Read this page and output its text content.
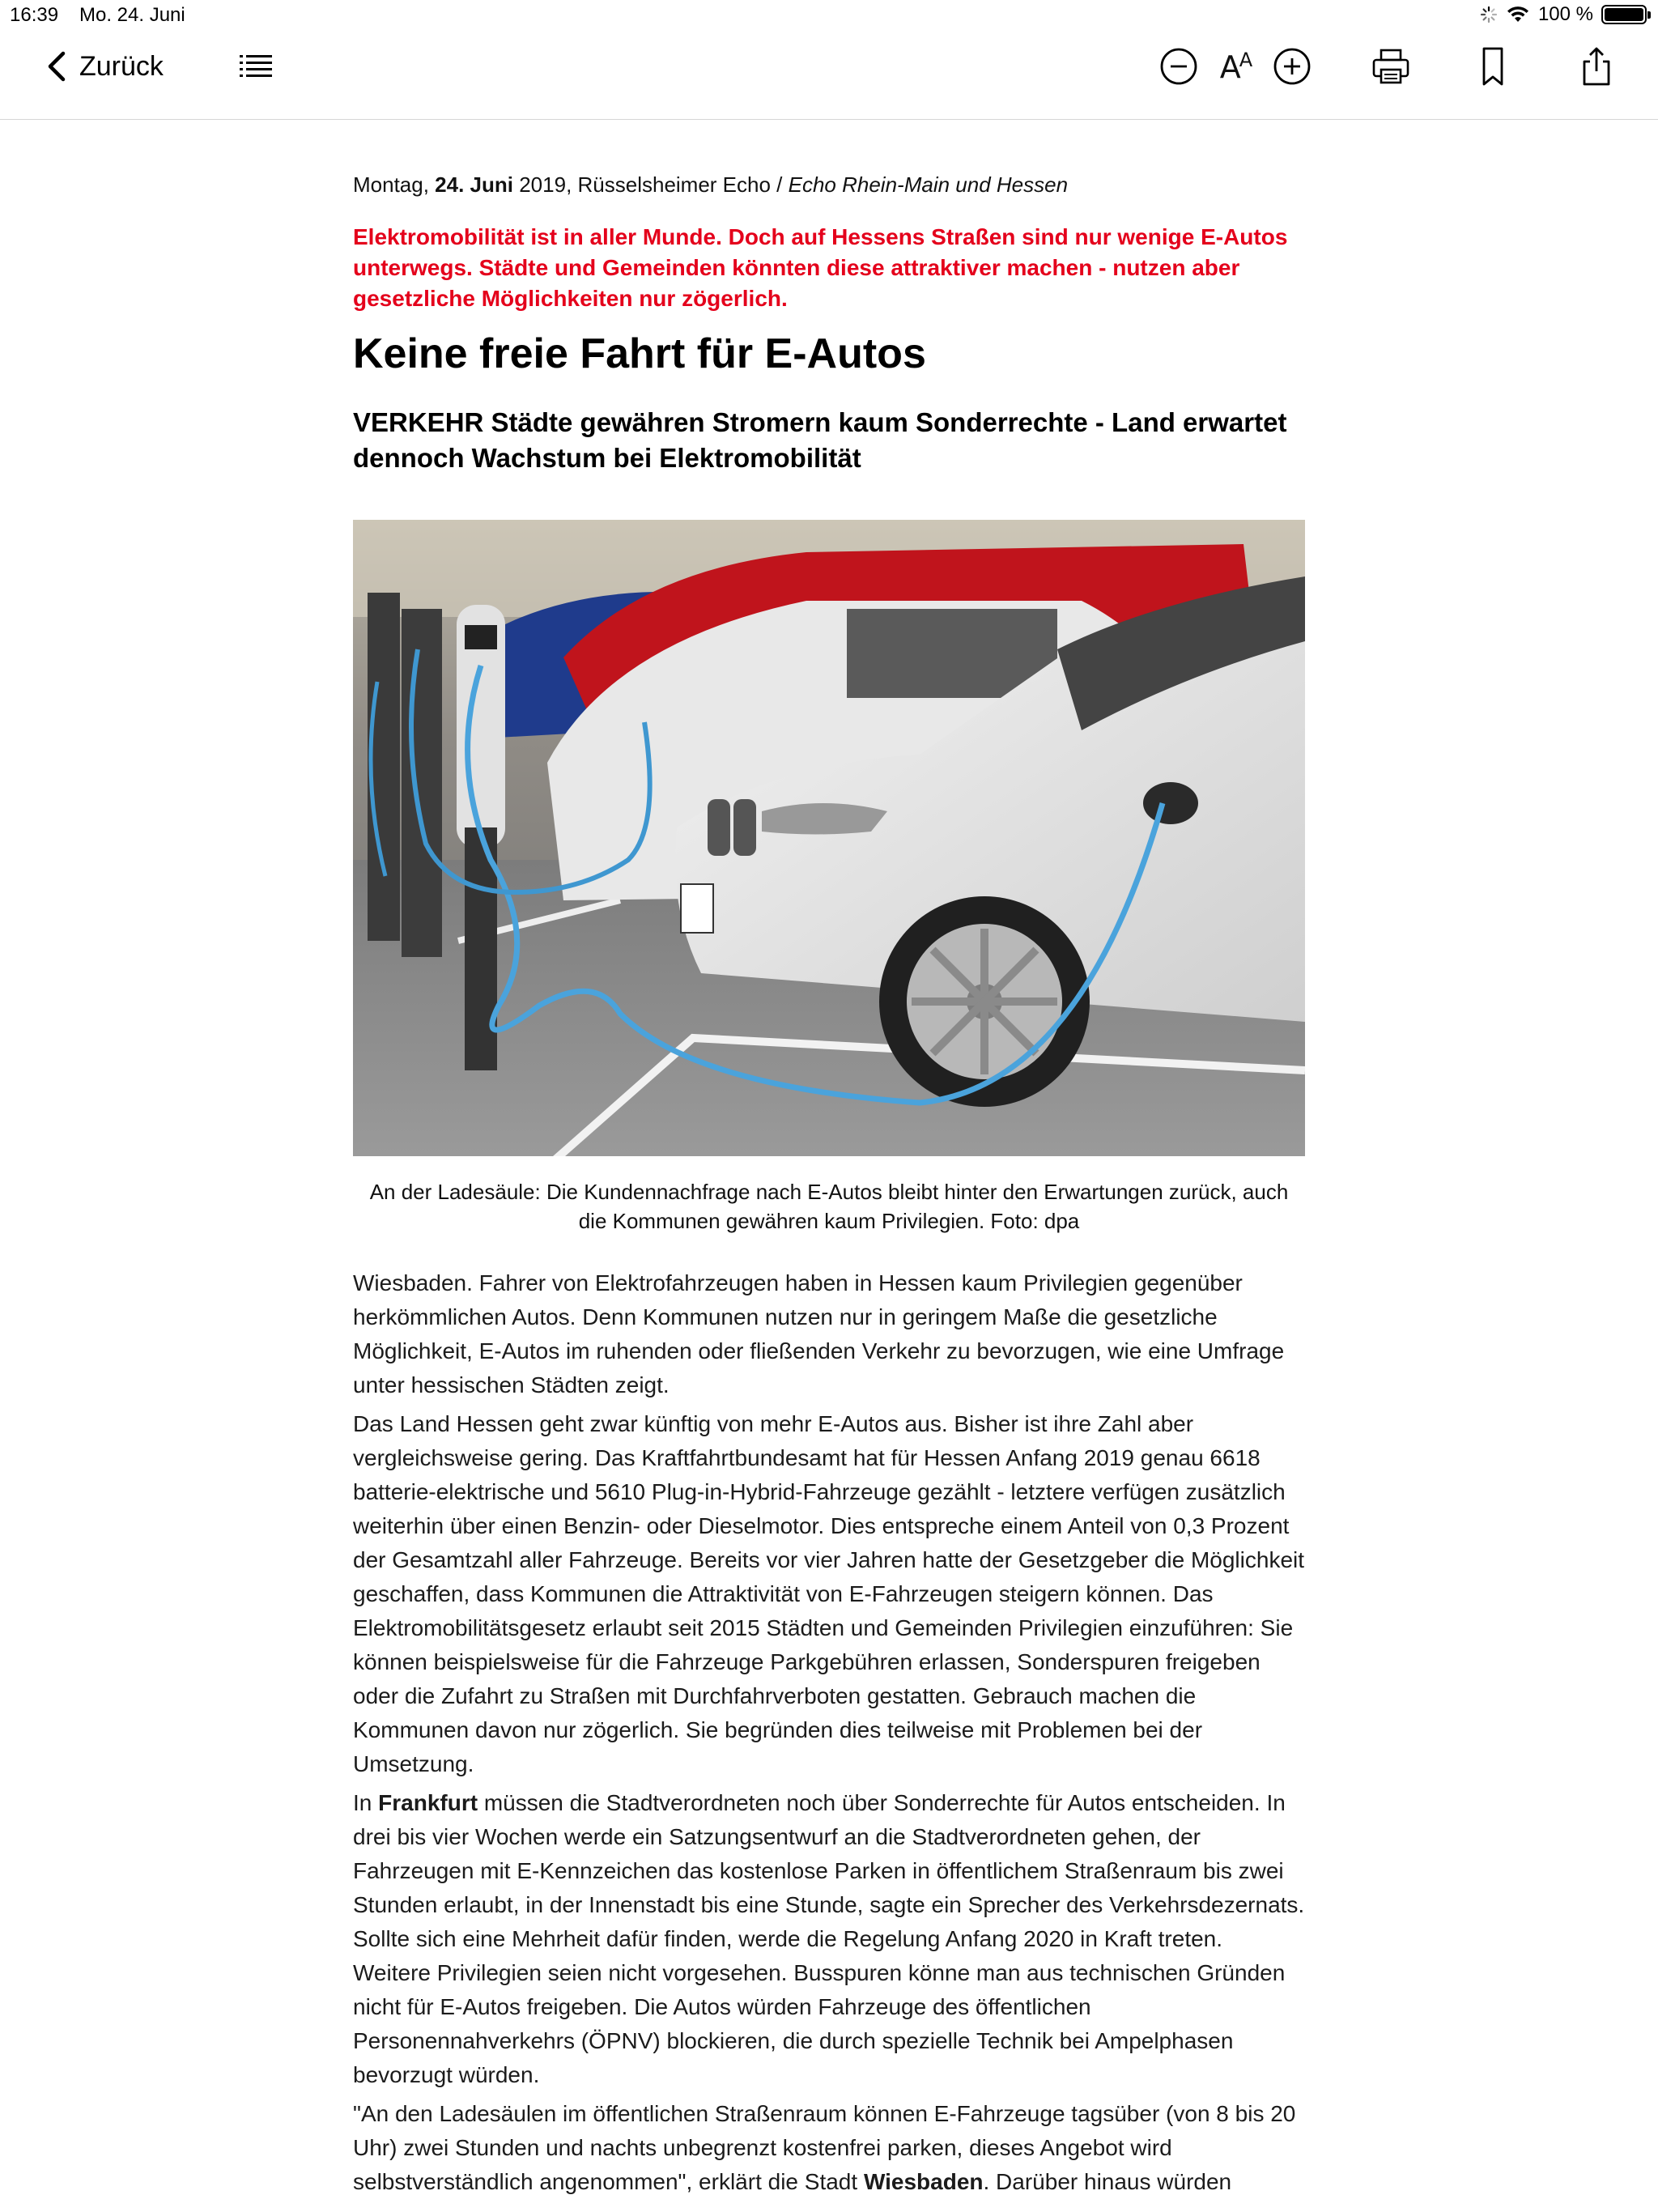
16:39 Mo. 24. Juni	100 %
Zurück	$A^A$
Montag, 24. Juni 2019, Rüsselsheimer Echo / Echo Rhein-Main und Hessen
Elektromobilität ist in aller Munde. Doch auf Hessens Straßen sind nur wenige E-Autos unterwegs. Städte und Gemeinden könnten diese attraktiver machen - nutzen aber gesetzliche Möglichkeiten nur zögerlich.
Keine freie Fahrt für E-Autos
VERKEHR Städte gewähren Stromern kaum Sonderrechte - Land erwartet dennoch Wachstum bei Elektromobilität
An der Ladesäule: Die Kundennachfrage nach E-Autos bleibt hinter den Erwartungen zurück, auch die Kommunen gewähren kaum Privilegien. Foto: dpa

Wiesbaden. Fahrer von Elektrofahrzeugen haben in Hessen kaum Privilegien gegenüber herkömmlichen Autos. Denn Kommunen nutzen nur in geringem Maße die gesetzliche Möglichkeit, E-Autos im ruhenden oder fließenden Verkehr zu bevorzugen, wie eine Umfrage unter hessischen Städten zeigt.

Das Land Hessen geht zwar künftig von mehr E-Autos aus. Bisher ist ihre Zahl aber vergleichsweise gering. Das Kraftfahrtbundesamt hat für Hessen Anfang 2019 genau 6618 batterie-elektrische und 5610 Plug-in-Hybrid-Fahrzeuge gezählt - letztere verfügen zusätzlich weiterhin über einen Benzin- oder Dieselmotor. Dies entspreche einem Anteil von 0,3 Prozent der Gesamtzahl aller Fahrzeuge. Bereits vor vier Jahren hatte der Gesetzgeber die Möglichkeit geschaffen, dass Kommunen die Attraktivität von E-Fahrzeugen steigern können. Das Elektromobilitätsgesetz erlaubt seit 2015 Städten und Gemeinden Privilegien einzuführen: Sie können beispielsweise für die Fahrzeuge Parkgebühren erlassen, Sonderspuren freigeben oder die Zufahrt zu Straßen mit Durchfahrverboten gestatten. Gebrauch machen die Kommunen davon nur zögerlich. Sie begründen dies teilweise mit Problemen bei der Umsetzung.

In Frankfurt müssen die Stadtverordneten noch über Sonderrechte für Autos entscheiden. In drei bis vier Wochen werde ein Satzungsentwurf an die Stadtverordneten gehen, der Fahrzeugen mit E-Kennzeichen das kostenlose Parken in öffentlichem Straßenraum bis zwei Stunden erlaubt, in der Innenstadt bis eine Stunde, sagte ein Sprecher des Verkehrsdezernats. Sollte sich eine Mehrheit dafür finden, werde die Regelung Anfang 2020 in Kraft treten. Weitere Privilegien seien nicht vorgesehen. Busspuren könne man aus technischen Gründen nicht für E-Autos freigeben. Die Autos würden Fahrzeuge des öffentlichen Personennahverkehrs (ÖPNV) blockieren, die durch spezielle Technik bei Ampelphasen bevorzugt würden.

"An den Ladesäulen im öffentlichen Straßenraum können E-Fahrzeuge tagsüber (von 8 bis 20 Uhr) zwei Stunden und nachts unbegrenzt kostenfrei parken, dieses Angebot wird selbstverständlich angenommen", erklärt die Stadt Wiesbaden. Darüber hinaus würden
